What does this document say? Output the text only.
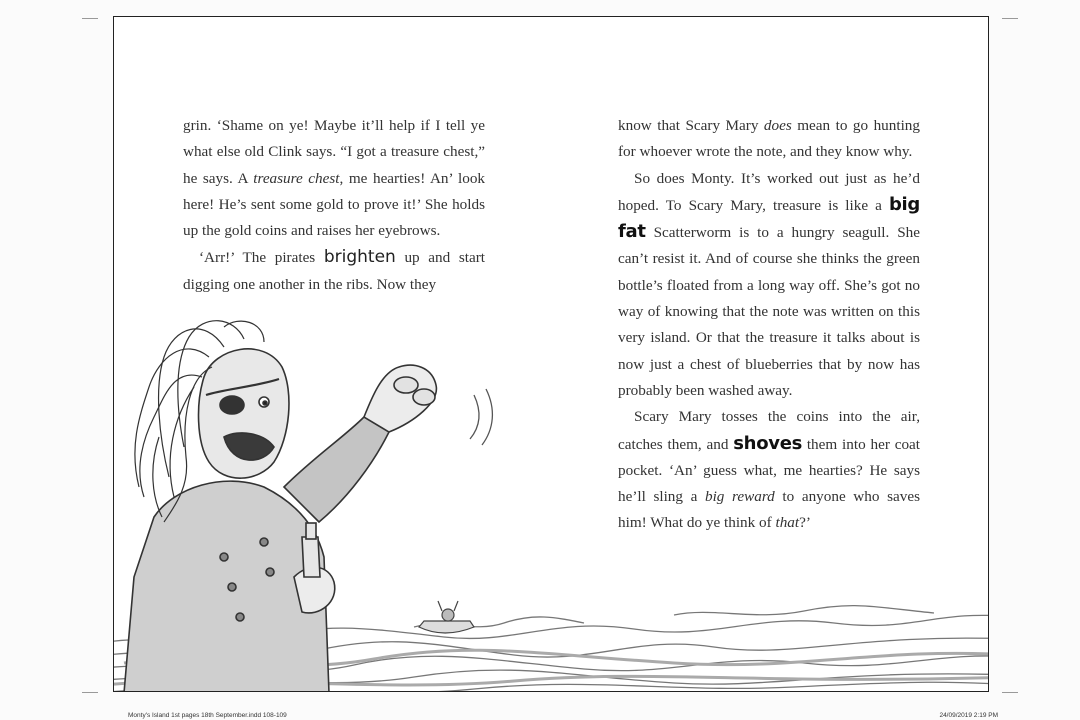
grin. ‘Shame on ye! Maybe it’ll help if I tell ye what else old Clink says. “I got a treasure chest,” he says. A treasure chest, me hearties! An’ look here! He’s sent some gold to prove it!’ She holds up the gold coins and raises her eyebrows.

‘Arr!’ The pirates brighten up and start digging one another in the ribs. Now they

know that Scary Mary does mean to go hunting for whoever wrote the note, and they know why.

So does Monty. It’s worked out just as he’d hoped. To Scary Mary, treasure is like a big fat Scatterworm is to a hungry seagull. She can’t resist it. And of course she thinks the green bottle’s floated from a long way off. She’s got no way of knowing that the note was written on this very island. Or that the treasure it talks about is now just a chest of blueberries that by now has probably been washed away.

Scary Mary tosses the coins into the air, catches them, and shoves them into her coat pocket. ‘An’ guess what, me hearties? He says he’ll sling a big reward to anyone who saves him! What do ye think of that?’

Monty's Island 1st pages 18th September.indd 108-109	24/09/2019 2:19 PM
